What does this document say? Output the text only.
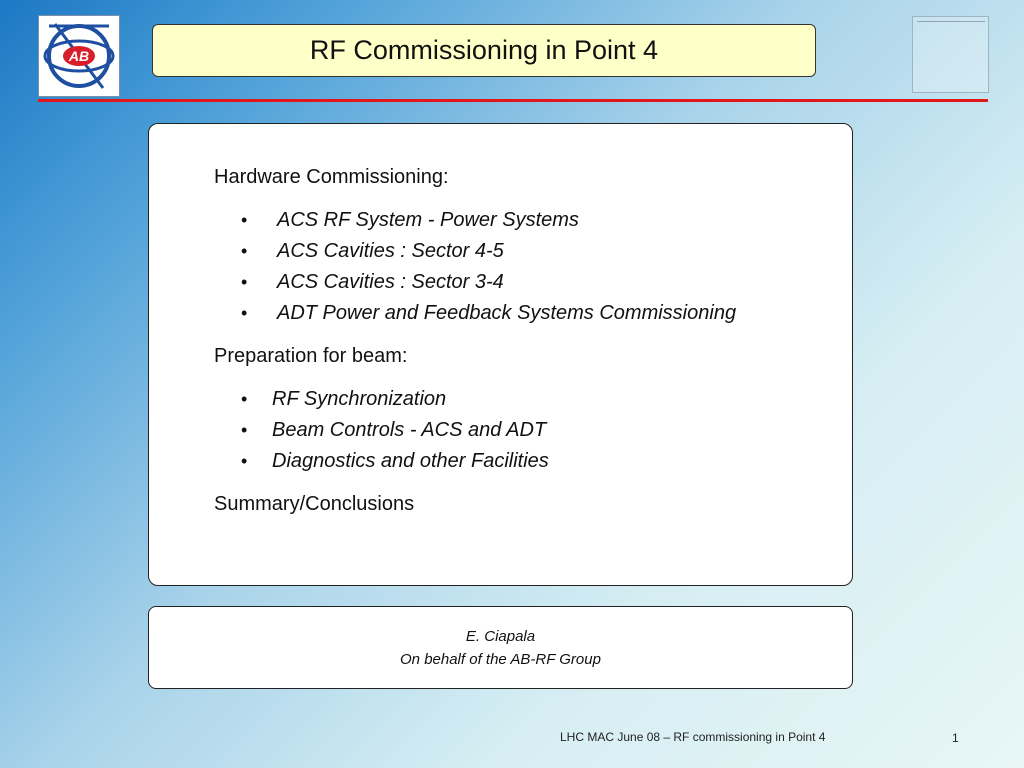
AB	RF Commissioning in Point 4
Hardware Commissioning:
• ACS RF System - Power Systems
• ACS Cavities : Sector 4-5
• ACS Cavities : Sector 3-4
• ADT Power and Feedback Systems Commissioning
Preparation for beam:
• RF Synchronization
• Beam Controls - ACS and ADT
• Diagnostics and other Facilities
Summary/Conclusions
E. Ciapala
On behalf of the AB-RF Group
LHC MAC June 08 – RF commissioning in Point 4	1
